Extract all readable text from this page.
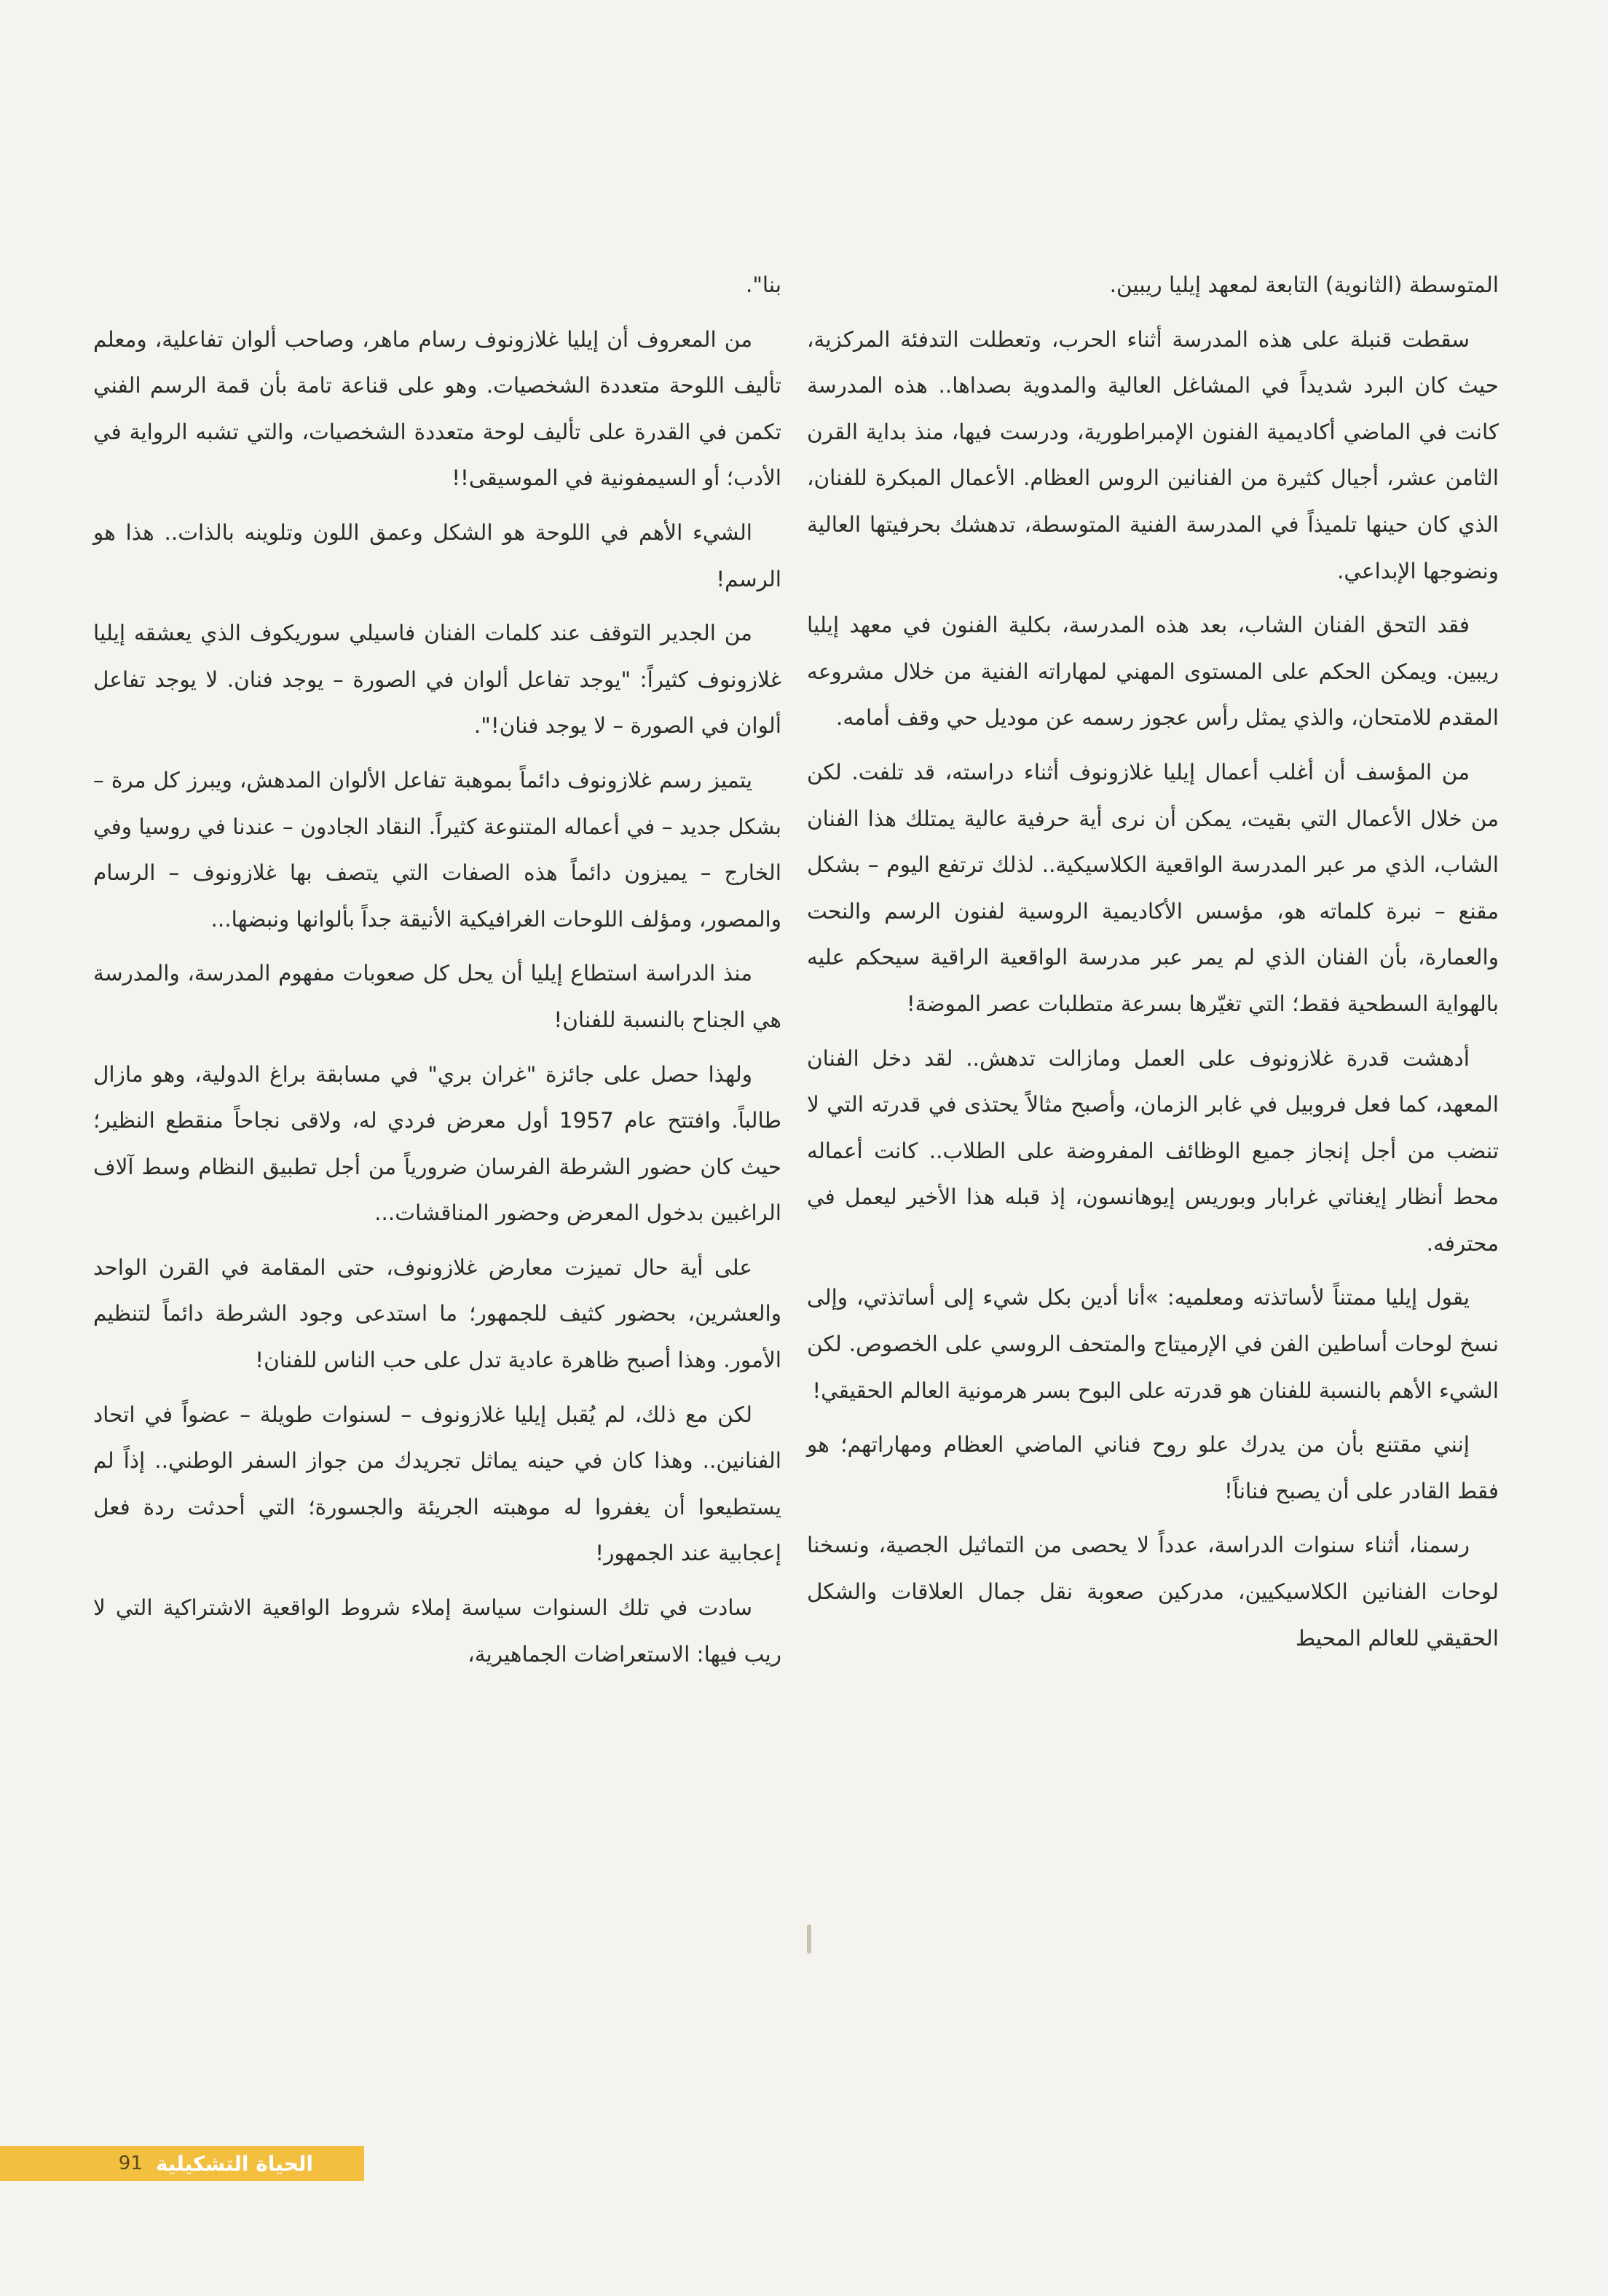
المتوسطة (الثانوية) التابعة لمعهد إيليا ريبين.

سقطت قنبلة على هذه المدرسة أثناء الحرب، وتعطلت التدفئة المركزية، حيث كان البرد شديداً في المشاغل العالية والمدوية بصداها.. هذه المدرسة كانت في الماضي أكاديمية الفنون الإمبراطورية، ودرست فيها، منذ بداية القرن الثامن عشر، أجيال كثيرة من الفنانين الروس العظام. الأعمال المبكرة للفنان، الذي كان حينها تلميذاً في المدرسة الفنية المتوسطة، تدهشك بحرفيتها العالية ونضوجها الإبداعي.

فقد التحق الفنان الشاب، بعد هذه المدرسة، بكلية الفنون في معهد إيليا ريبين. ويمكن الحكم على المستوى المهني لمهاراته الفنية من خلال مشروعه المقدم للامتحان، والذي يمثل رأس عجوز رسمه عن موديل حي وقف أمامه.

من المؤسف أن أغلب أعمال إيليا غلازونوف أثناء دراسته، قد تلفت. لكن من خلال الأعمال التي بقيت، يمكن أن نرى أية حرفية عالية يمتلك هذا الفنان الشاب، الذي مر عبر المدرسة الواقعية الكلاسيكية.. لذلك ترتفع اليوم – بشكل مقنع – نبرة كلماته هو، مؤسس الأكاديمية الروسية لفنون الرسم والنحت والعمارة، بأن الفنان الذي لم يمر عبر مدرسة الواقعية الراقية سيحكم عليه بالهواية السطحية فقط؛ التي تغيّرها بسرعة متطلبات عصر الموضة!

أدهشت قدرة غلازونوف على العمل ومازالت تدهش.. لقد دخل الفنان المعهد، كما فعل فروبيل في غابر الزمان، وأصبح مثالاً يحتذى في قدرته التي لا تنضب من أجل إنجاز جميع الوظائف المفروضة على الطلاب.. كانت أعماله محط أنظار إيغناتي غرابار وبوريس إيوهانسون، إذ قبله هذا الأخير ليعمل في محترفه.

يقول إيليا ممتناً لأساتذته ومعلميه: »أنا أدين بكل شيء إلى أساتذتي، وإلى نسخ لوحات أساطين الفن في الإرميتاج والمتحف الروسي على الخصوص. لكن الشيء الأهم بالنسبة للفنان هو قدرته على البوح بسر هرمونية العالم الحقيقي!

إنني مقتنع بأن من يدرك علو روح فناني الماضي العظام ومهاراتهم؛ هو فقط القادر على أن يصبح فناناً!

رسمنا، أثناء سنوات الدراسة، عدداً لا يحصى من التماثيل الجصية، ونسخنا لوحات الفنانين الكلاسيكيين، مدركين صعوبة نقل جمال العلاقات والشكل الحقيقي للعالم المحيط

بنا".

من المعروف أن إيليا غلازونوف رسام ماهر، وصاحب ألوان تفاعلية، ومعلم تأليف اللوحة متعددة الشخصيات. وهو على قناعة تامة بأن قمة الرسم الفني تكمن في القدرة على تأليف لوحة متعددة الشخصيات، والتي تشبه الرواية في الأدب؛ أو السيمفونية في الموسيقى!!

الشيء الأهم في اللوحة هو الشكل وعمق اللون وتلوينه بالذات.. هذا هو الرسم!

من الجدير التوقف عند كلمات الفنان فاسيلي سوريكوف الذي يعشقه إيليا غلازونوف كثيراً: "يوجد تفاعل ألوان في الصورة – يوجد فنان. لا يوجد تفاعل ألوان في الصورة – لا يوجد فنان!".

يتميز رسم غلازونوف دائماً بموهبة تفاعل الألوان المدهش، ويبرز كل مرة – بشكل جديد – في أعماله المتنوعة كثيراً. النقاد الجادون – عندنا في روسيا وفي الخارج – يميزون دائماً هذه الصفات التي يتصف بها غلازونوف – الرسام والمصور، ومؤلف اللوحات الغرافيكية الأنيقة جداً بألوانها ونبضها...

منذ الدراسة استطاع إيليا أن يحل كل صعوبات مفهوم المدرسة، والمدرسة هي الجناح بالنسبة للفنان!

ولهذا حصل على جائزة "غران بري" في مسابقة براغ الدولية، وهو مازال طالباً. وافتتح عام 1957 أول معرض فردي له، ولاقى نجاحاً منقطع النظير؛ حيث كان حضور الشرطة الفرسان ضرورياً من أجل تطبيق النظام وسط آلاف الراغبين بدخول المعرض وحضور المناقشات...

على أية حال تميزت معارض غلازونوف، حتى المقامة في القرن الواحد والعشرين، بحضور كثيف للجمهور؛ ما استدعى وجود الشرطة دائماً لتنظيم الأمور. وهذا أصبح ظاهرة عادية تدل على حب الناس للفنان!

لكن مع ذلك، لم يُقبل إيليا غلازونوف – لسنوات طويلة – عضواً في اتحاد الفنانين.. وهذا كان في حينه يماثل تجريدك من جواز السفر الوطني.. إذاً لم يستطيعوا أن يغفروا له موهبته الجريئة والجسورة؛ التي أحدثت ردة فعل إعجابية عند الجمهور!

سادت في تلك السنوات سياسة إملاء شروط الواقعية الاشتراكية التي لا ريب فيها: الاستعراضات الجماهيرية،

الحياة التشكيلية
91
